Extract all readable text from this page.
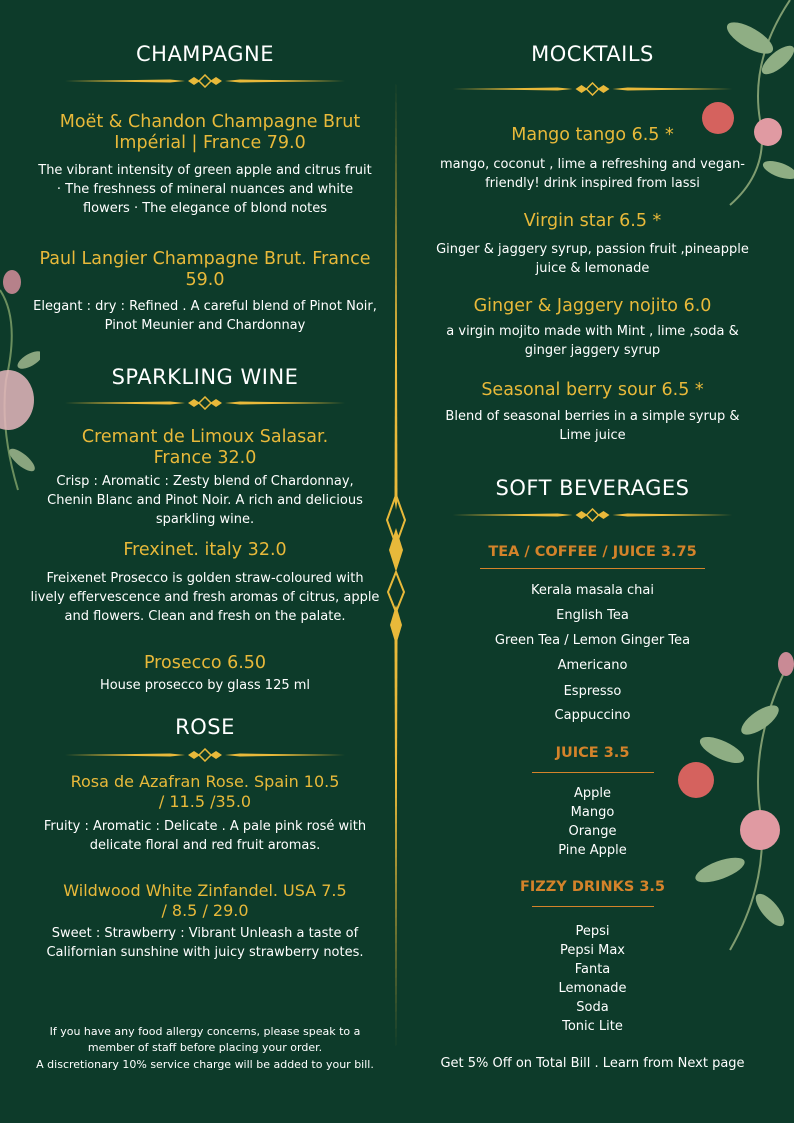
CHAMPAGNE
Moët & Chandon Champagne Brut Impérial | France 79.0
The vibrant intensity of green apple and citrus fruit · The freshness of mineral nuances and white flowers · The elegance of blond notes
Paul Langier Champagne Brut. France 59.0
Elegant : dry : Refined . A careful blend of Pinot Noir, Pinot Meunier and Chardonnay
SPARKLING WINE
Cremant de Limoux Salasar. France 32.0
Crisp : Aromatic : Zesty blend of Chardonnay, Chenin Blanc and Pinot Noir. A rich and delicious sparkling wine.
Frexinet. italy 32.0
Freixenet Prosecco is golden straw-coloured with lively effervescence and fresh aromas of citrus, apple and flowers. Clean and fresh on the palate.
Prosecco 6.50
House prosecco by glass 125 ml
ROSE
Rosa de Azafran Rose. Spain 10.5 / 11.5 /35.0
Fruity : Aromatic : Delicate . A pale pink rosé with delicate floral and red fruit aromas.
Wildwood White Zinfandel. USA 7.5 / 8.5 / 29.0
Sweet : Strawberry : Vibrant Unleash a taste of Californian sunshine with juicy strawberry notes.
If you have any food allergy concerns, please speak to a member of staff before placing your order.
A discretionary 10% service charge will be added to your bill.
MOCKTAILS
Mango tango 6.5 *
mango, coconut , lime a refreshing and vegan-friendly! drink inspired from lassi
Virgin star 6.5 *
Ginger & jaggery syrup, passion fruit ,pineapple juice & lemonade
Ginger & Jaggery nojito 6.0
a virgin mojito made with Mint , lime ,soda & ginger jaggery syrup
Seasonal berry sour 6.5 *
Blend of seasonal berries in a simple syrup & Lime juice
SOFT BEVERAGES
TEA / COFFEE / JUICE 3.75
Kerala masala chai
English Tea
Green Tea / Lemon Ginger Tea
Americano
Espresso
Cappuccino
JUICE 3.5
Apple
Mango
Orange
Pine Apple
FIZZY DRINKS 3.5
Pepsi
Pepsi Max
Fanta
Lemonade
Soda
Tonic Lite
Get 5% Off on Total Bill . Learn from Next page
